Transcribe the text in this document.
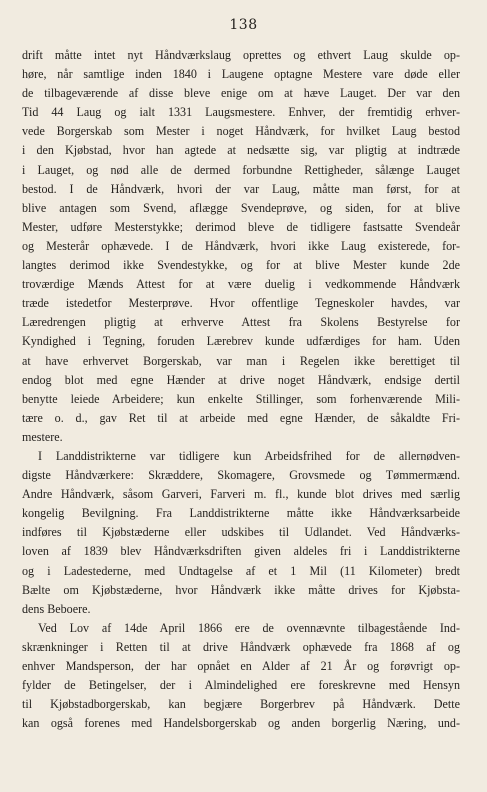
138
drift måtte intet nyt Håndværkslaug oprettes og ethvert Laug skulde op-
høre, når samtlige inden 1840 i Laugene optagne Mestere vare døde eller
de tilbageværende af disse bleve enige om at hæve Lauget. Der var den
Tid 44 Laug og ialt 1331 Laugsmestere. Enhver, der fremtidig erhver-
vede Borgerskab som Mester i noget Håndværk, for hvilket Laug bestod
i den Kjøbstad, hvor han agtede at nedsætte sig, var pligtig at indtræde
i Lauget, og nød alle de dermed forbundne Rettigheder, sålænge Lauget
bestod. I de Håndværk, hvori der var Laug, måtte man først, for at
blive antagen som Svend, aflægge Svendeprøve, og siden, for at blive
Mester, udføre Mesterstykke; derimod bleve de tidligere fastsatte Svendeår
og Mesterår ophævede. I de Håndværk, hvori ikke Laug existerede, for-
langtes derimod ikke Svendestykke, og for at blive Mester kunde 2de
troværdige Mænds Attest for at være duelig i vedkommende Håndværk
træde istedetfor Mesterprøve. Hvor offentlige Tegneskoler havdes, var
Læredrengen pligtig at erhverve Attest fra Skolens Bestyrelse for
Kyndighed i Tegning, foruden Lærebrev kunde udfærdiges for ham. Uden
at have erhvervet Borgerskab, var man i Regelen ikke berettiget til
endog blot med egne Hænder at drive noget Håndværk, endsige dertil
benytte leiede Arbeidere; kun enkelte Stillinger, som forhenværende Mili-
tære o. d., gav Ret til at arbeide med egne Hænder, de såkaldte Fri-
mestere.
I Landdistrikterne var tidligere kun Arbeidsfrihed for de allernødven-
digste Håndværkere: Skræddere, Skomagere, Grovsmede og Tømmermænd.
Andre Håndværk, såsom Garveri, Farveri m. fl., kunde blot drives med særlig
kongelig Bevilgning. Fra Landdistrikterne måtte ikke Håndværksarbeide
indføres til Kjøbstæderne eller udskibes til Udlandet. Ved Håndværks-
loven af 1839 blev Håndværksdriften given aldeles fri i Landdistrikterne
og i Ladestederne, med Undtagelse af et 1 Mil (11 Kilometer) bredt
Bælte om Kjøbstæderne, hvor Håndværk ikke måtte drives for Kjøbsta-
dens Beboere.
Ved Lov af 14de April 1866 ere de ovennævnte tilbagestående Ind-
skrænkninger i Retten til at drive Håndværk ophævede fra 1868 af og
enhver Mandsperson, der har opnået en Alder af 21 År og forøvrigt op-
fylder de Betingelser, der i Almindelighed ere foreskrevne med Hensyn
til Kjøbstadborgerskab, kan begjære Borgerbrev på Håndværk. Dette
kan også forenes med Handelsborgerskab og anden borgerlig Næring, und-
